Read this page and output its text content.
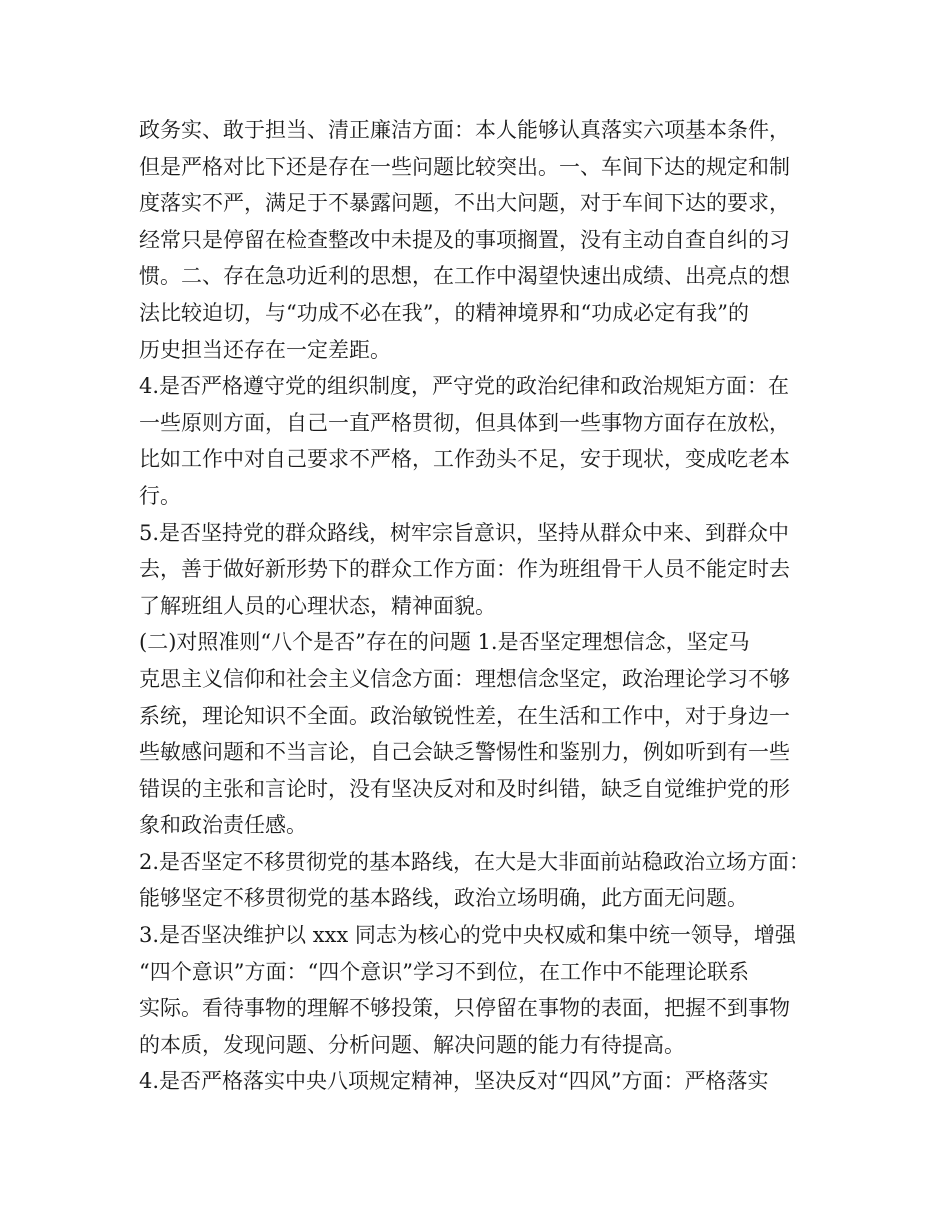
政务实、敢于担当、清正廉洁方面：本人能够认真落实六项基本条件，
但是严格对比下还是存在一些问题比较突出。一、车间下达的规定和制
度落实不严，满足于不暴露问题，不出大问题，对于车间下达的要求，
经常只是停留在检查整改中未提及的事项搁置，没有主动自查自纠的习
惯。二、存在急功近利的思想，在工作中渴望快速出成绩、出亮点的想
法比较迫切，与“功成不必在我”，的精神境界和“功成必定有我”的
历史担当还存在一定差距。
4.是否严格遵守党的组织制度，严守党的政治纪律和政治规矩方面：在
一些原则方面，自己一直严格贯彻，但具体到一些事物方面存在放松，
比如工作中对自己要求不严格，工作劲头不足，安于现状，变成吃老本
行。
5.是否坚持党的群众路线，树牢宗旨意识，坚持从群众中来、到群众中
去，善于做好新形势下的群众工作方面：作为班组骨干人员不能定时去
了解班组人员的心理状态，精神面貌。
(二)对照准则“八个是否”存在的问题 1.是否坚定理想信念，坚定马
克思主义信仰和社会主义信念方面：理想信念坚定，政治理论学习不够
系统，理论知识不全面。政治敏锐性差，在生活和工作中，对于身边一
些敏感问题和不当言论，自己会缺乏警惕性和鉴别力，例如听到有一些
错误的主张和言论时，没有坚决反对和及时纠错，缺乏自觉维护党的形
象和政治责任感。
2.是否坚定不移贯彻党的基本路线，在大是大非面前站稳政治立场方面：
能够坚定不移贯彻党的基本路线，政治立场明确，此方面无问题。
3.是否坚决维护以 xxx 同志为核心的党中央权威和集中统一领导，增强
“四个意识”方面：“四个意识”学习不到位，在工作中不能理论联系
实际。看待事物的理解不够投策，只停留在事物的表面，把握不到事物
的本质，发现问题、分析问题、解决问题的能力有待提高。
4.是否严格落实中央八项规定精神，坚决反对“四风”方面：严格落实
